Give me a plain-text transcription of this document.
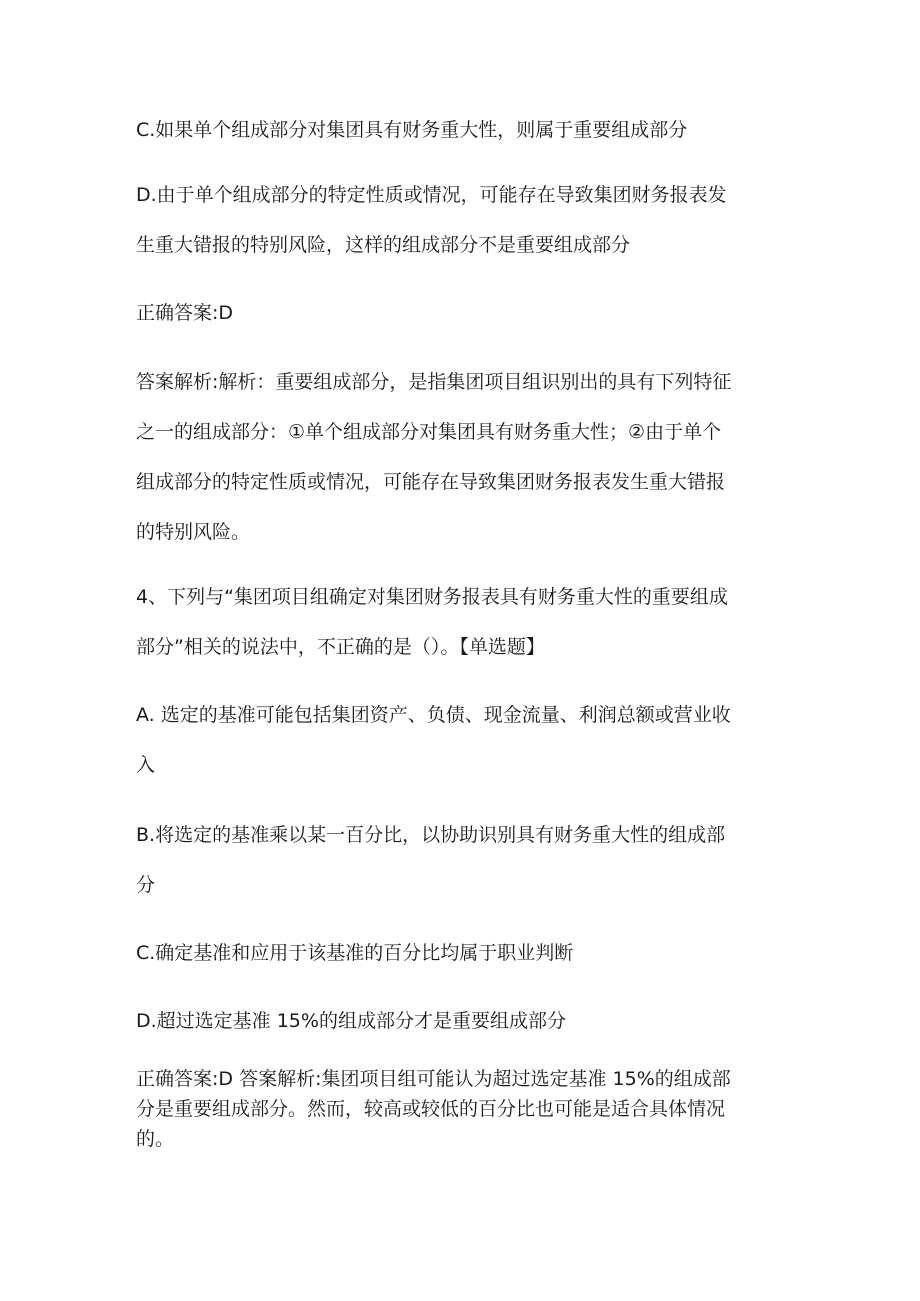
C.如果单个组成部分对集团具有财务重大性，则属于重要组成部分

D.由于单个组成部分的特定性质或情况，可能存在导致集团财务报表发
生重大错报的特别风险，这样的组成部分不是重要组成部分

正确答案:D

答案解析:解析：重要组成部分，是指集团项目组识别出的具有下列特征
之一的组成部分：①单个组成部分对集团具有财务重大性；②由于单个
组成部分的特定性质或情况，可能存在导致集团财务报表发生重大错报
的特别风险。

4、下列与“集团项目组确定对集团财务报表具有财务重大性的重要组成
部分”相关的说法中，不正确的是（）。【单选题】

A. 选定的基准可能包括集团资产、负债、现金流量、利润总额或营业收
入

B.将选定的基准乘以某一百分比，以协助识别具有财务重大性的组成部
分

C.确定基准和应用于该基准的百分比均属于职业判断

D.超过选定基准 15%的组成部分才是重要组成部分

正确答案:D 答案解析:集团项目组可能认为超过选定基准 15%的组成部
分是重要组成部分。然而，较高或较低的百分比也可能是适合具体情况
的。
